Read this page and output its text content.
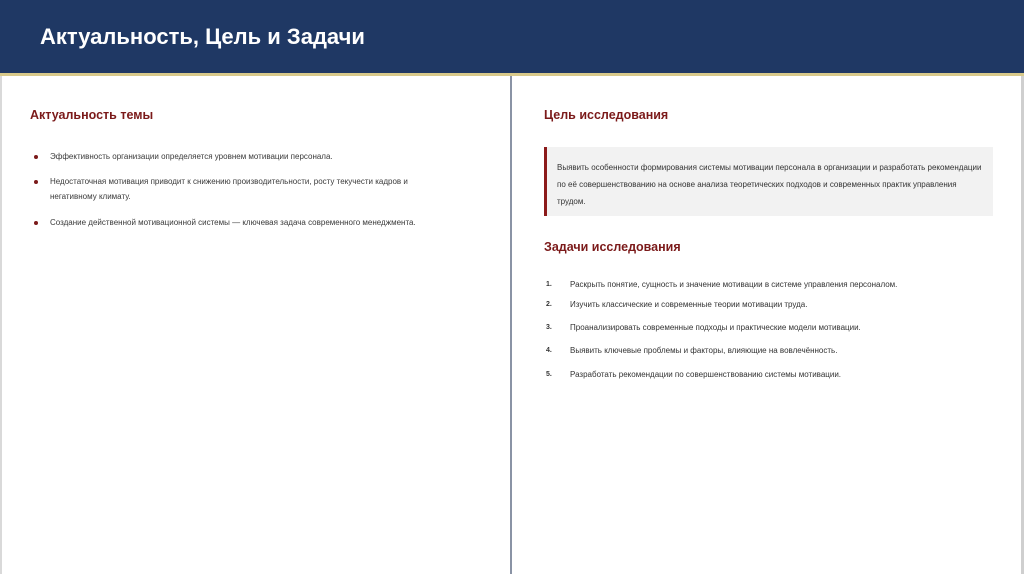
Актуальность, Цель и Задачи
Актуальность темы
Эффективность организации определяется уровнем мотивации персонала.
Недостаточная мотивация приводит к снижению производительности, росту текучести кадров и негативному климату.
Создание действенной мотивационной системы — ключевая задача современного менеджмента.
Цель исследования
Выявить особенности формирования системы мотивации персонала в организации и разработать рекомендации по её совершенствованию на основе анализа теоретических подходов и современных практик управления трудом.
Задачи исследования
1. Раскрыть понятие, сущность и значение мотивации в системе управления персоналом.
2. Изучить классические и современные теории мотивации труда.
3. Проанализировать современные подходы и практические модели мотивации.
4. Выявить ключевые проблемы и факторы, влияющие на вовлечённость.
5. Разработать рекомендации по совершенствованию системы мотивации.
